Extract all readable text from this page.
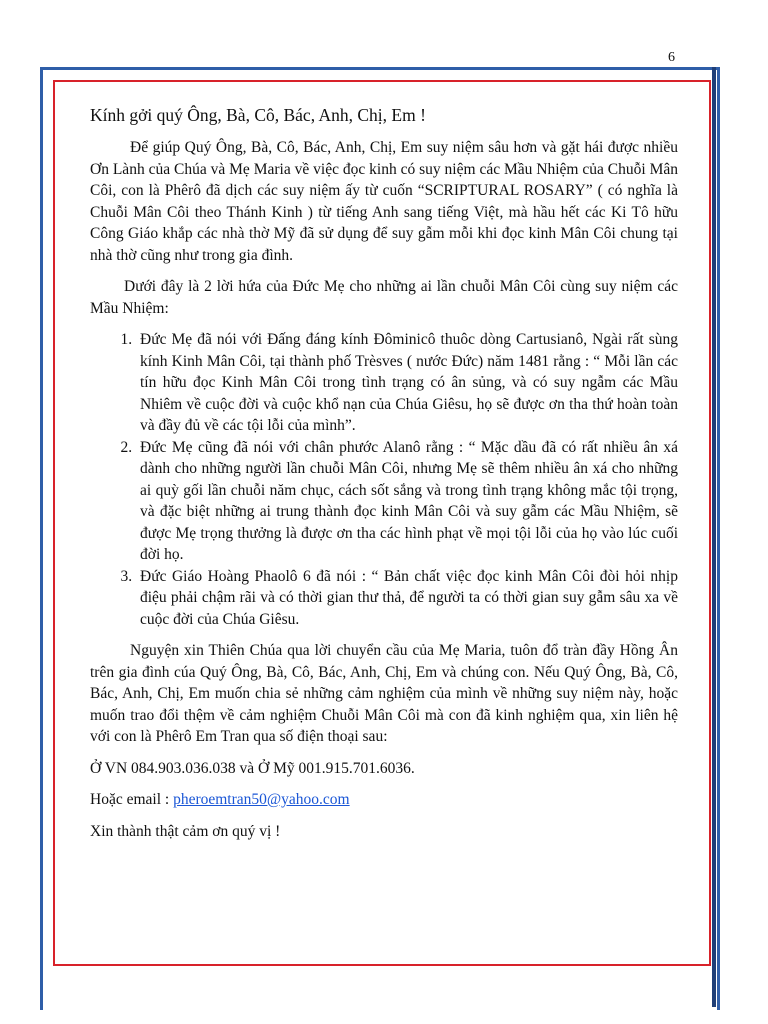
6

Kính gởi quý Ông, Bà, Cô, Bác, Anh, Chị, Em !

Để giúp Quý Ông, Bà, Cô, Bác, Anh, Chị, Em suy niệm sâu hơn và gặt hái được nhiều Ơn Lành của Chúa và Mẹ Maria về việc đọc kinh có suy niệm các Mầu Nhiệm của Chuỗi Mân Côi, con là Phêrô đã dịch các suy niệm ấy từ cuốn “SCRIPTURAL ROSARY” ( có nghĩa là Chuỗi Mân Côi theo Thánh Kinh ) từ tiếng Anh sang tiếng Việt, mà hầu hết các Ki Tô hữu Công Giáo khắp các nhà thờ Mỹ đã sử dụng để suy gẫm mỗi khi đọc kinh Mân Côi chung tại nhà thờ cũng như trong gia đình.

Dưới đây là 2 lời hứa của Đức Mẹ cho những ai lần chuỗi Mân Côi cùng suy niệm các Mầu Nhiệm:

1. Đức Mẹ đã nói với Đấng đáng kính Đôminicô thuôc dòng Cartusianô, Ngài rất sùng kính Kinh Mân Côi, tại thành phố Trèsves ( nước Đức) năm 1481 rằng : “ Mỗi lần các tín hữu đọc Kinh Mân Côi trong tình trạng có ân sủng, và có suy ngẫm các Mầu Nhiêm về cuộc đời và cuộc khổ nạn của Chúa Giêsu, họ sẽ được ơn tha thứ hoàn toàn và đầy đủ về các tội lỗi của mình”.
2. Đức Mẹ cũng đã nói với chân phước Alanô rằng : “ Mặc dầu đã có rất nhiều ân xá dành cho những người lần chuỗi Mân Côi, nhưng Mẹ sẽ thêm nhiều ân xá cho những ai quỳ gối lần chuỗi năm chục, cách sốt sắng và trong tình trạng không mắc tội trọng, và đặc biệt những ai trung thành đọc kinh Mân Côi và suy gẫm các Mầu Nhiệm, sẽ được Mẹ trọng thưởng là được ơn tha các hình phạt về mọi tội lỗi của họ vào lúc cuối đời họ.
3. Đức Giáo Hoàng Phaolô 6 đã nói : “ Bản chất việc đọc kinh Mân Côi đòi hỏi nhịp điệu phải chậm rãi và có thời gian thư thả, để người ta có thời gian suy gẫm sâu xa về cuộc đời của Chúa Giêsu.

Nguyện xin Thiên Chúa qua lời chuyển cầu của Mẹ Maria, tuôn đổ tràn đầy Hồng Ân trên gia đình cúa Quý Ông, Bà, Cô, Bác, Anh, Chị, Em và chúng con. Nếu Quý Ông, Bà, Cô, Bác, Anh, Chị, Em muốn chia sẻ những cảm nghiệm của mình về những suy niệm này, hoặc muốn trao đổi thệm về cảm nghiệm Chuỗi Mân Côi mà con đã kinh nghiệm qua, xin liên hệ với con là Phêrô Em Tran qua số điện thoại sau:

Ở VN 084.903.036.038 và Ở Mỹ 001.915.701.6036.

Hoặc email : pheroemtran50@yahoo.com

Xin thành thật cảm ơn quý vị !
